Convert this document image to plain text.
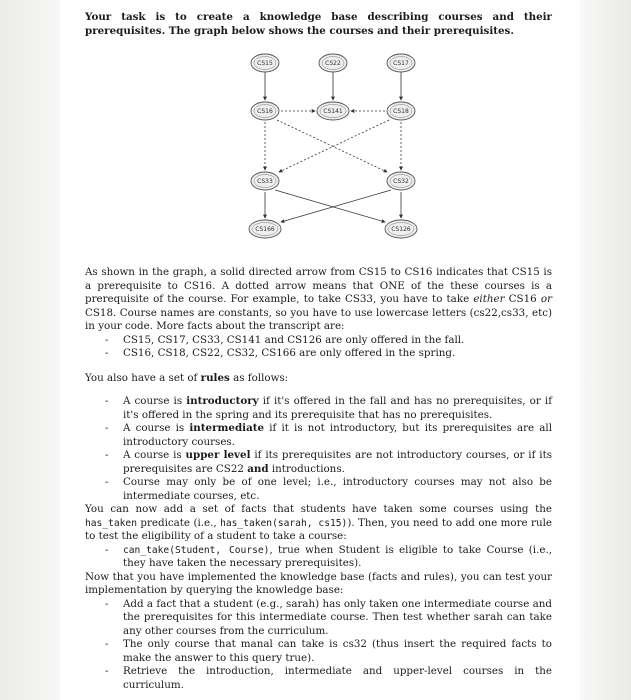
Your task is to create a knowledge base describing courses and their prerequisites. The graph below shows the courses and their prerequisites.

CS15	CS22	CS17
CS16	CS141	CS18
CS33	CS32
CS166	CS126

As shown in the graph, a solid directed arrow from CS15 to CS16 indicates that CS15 is a prerequisite to CS16. A dotted arrow means that ONE of the these courses is a prerequisite of the course. For example, to take CS33, you have to take either CS16 or CS18. Course names are constants, so you have to use lowercase letters (cs22,cs33, etc) in your code. More facts about the transcript are:

- CS15, CS17, CS33, CS141 and CS126 are only offered in the fall.
- CS16, CS18, CS22, CS32, CS166 are only offered in the spring.

You also have a set of rules as follows:

- A course is introductory if it's offered in the fall and has no prerequisites, or if it's offered in the spring and its prerequisite that has no prerequisites.
- A course is intermediate if it is not introductory, but its prerequisites are all introductory courses.
- A course is upper level if its prerequisites are not introductory courses, or if its prerequisites are CS22 and introductions.
- Course may only be of one level; i.e., introductory courses may not also be intermediate courses, etc.

You can now add a set of facts that students have taken some courses using the has_taken predicate (i.e., has_taken(sarah, cs15)). Then, you need to add one more rule to test the eligibility of a student to take a course:

- can_take(Student, Course), true when Student is eligible to take Course (i.e., they have taken the necessary prerequisites).

Now that you have implemented the knowledge base (facts and rules), you can test your implementation by querying the knowledge base:

- Add a fact that a student (e.g., sarah) has only taken one intermediate course and the prerequisites for this intermediate course. Then test whether sarah can take any other courses from the curriculum.
- The only course that manal can take is cs32 (thus insert the required facts to make the answer to this query true).
- Retrieve the introduction, intermediate and upper-level courses in the curriculum.
